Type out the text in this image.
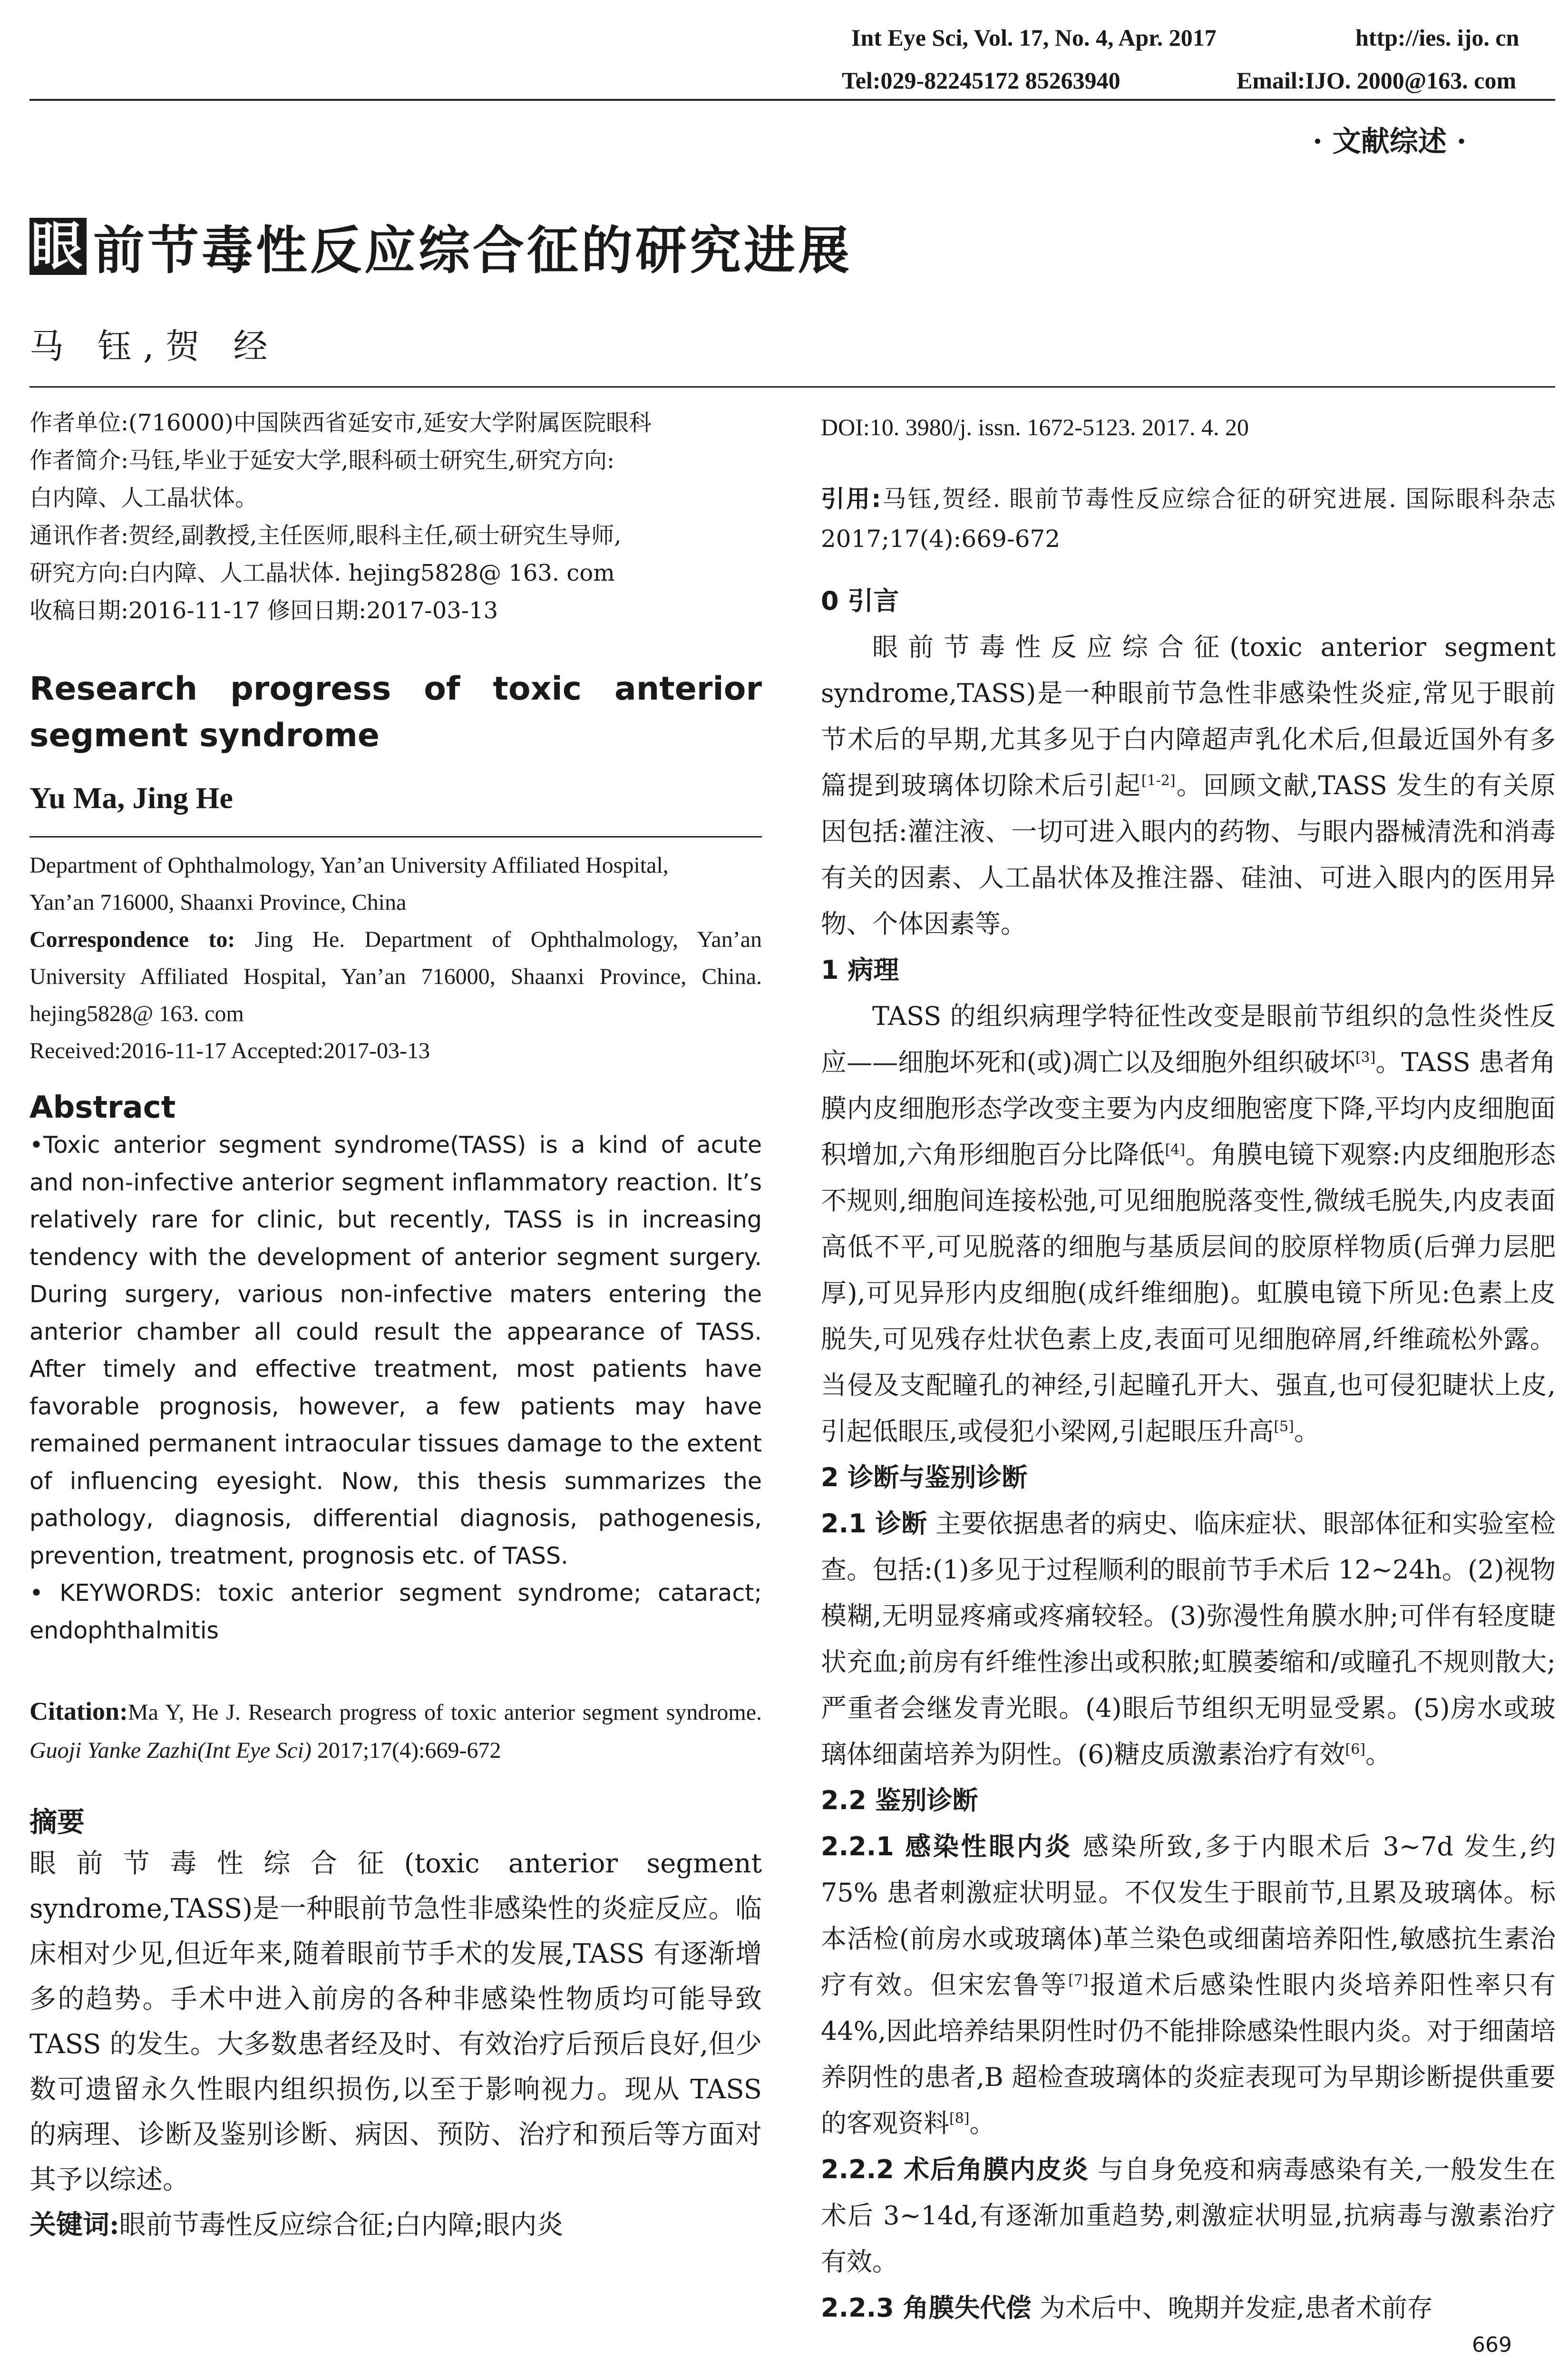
Int Eye Sci, Vol. 17, No. 4, Apr. 2017	http://ies. ijo. cn
Tel:029-82245172 85263940	Email:IJO. 2000@163. com
· 文献综述 ·
眼 前节毒性反应综合征的研究进展
马 钰,贺 经

作者单位:(716000)中国陕西省延安市,延安大学附属医院眼科

作者简介:马钰,毕业于延安大学,眼科硕士研究生,研究方向:

白内障、人工晶状体。

通讯作者:贺经,副教授,主任医师,眼科主任,硕士研究生导师,

研究方向:白内障、人工晶状体. hejing5828@ 163. com

收稿日期:2016-11-17 修回日期:2017-03-13

Research progress of toxic anterior
segment syndrome
Yu Ma, Jing He

Department of Ophthalmology, Yan’an University Affiliated Hospital,

Yan’an 716000, Shaanxi Province, China

Correspondence to: Jing He. Department of Ophthalmology, Yan’an University Affiliated Hospital, Yan’an 716000, Shaanxi Province, China. hejing5828@ 163. com

Received:2016-11-17 Accepted:2017-03-13

Abstract
•Toxic anterior segment syndrome(TASS) is a kind of acute and non-infective anterior segment inflammatory reaction. It’s relatively rare for clinic, but recently, TASS is in increasing tendency with the development of anterior segment surgery. During surgery, various non-infective maters entering the anterior chamber all could result the appearance of TASS. After timely and effective treatment, most patients have favorable prognosis, however, a few patients may have remained permanent intraocular tissues damage to the extent of influencing eyesight. Now, this thesis summarizes the pathology, diagnosis, differential diagnosis, pathogenesis, prevention, treatment, prognosis etc. of TASS.
• KEYWORDS: toxic anterior segment syndrome; cataract; endophthalmitis
Citation:Ma Y, He J. Research progress of toxic anterior segment syndrome. Guoji Yanke Zazhi(Int Eye Sci) 2017;17(4):669-672
摘要
眼前节毒性综合征(toxic anterior segment syndrome,TASS)是一种眼前节急性非感染性的炎症反应。临床相对少见,但近年来,随着眼前节手术的发展,TASS 有逐渐增多的趋势。手术中进入前房的各种非感染性物质均可能导致 TASS 的发生。大多数患者经及时、有效治疗后预后良好,但少数可遗留永久性眼内组织损伤,以至于影响视力。现从 TASS 的病理、诊断及鉴别诊断、病因、预防、治疗和预后等方面对其予以综述。
关键词:眼前节毒性反应综合征;白内障;眼内炎
DOI:10. 3980/j. issn. 1672-5123. 2017. 4. 20
引用:马钰,贺经. 眼前节毒性反应综合征的研究进展. 国际眼科杂志 2017;17(4):669-672
0 引言

眼前节毒性反应综合征(toxic anterior segment syndrome,TASS)是一种眼前节急性非感染性炎症,常见于眼前节术后的早期,尤其多见于白内障超声乳化术后,但最近国外有多篇提到玻璃体切除术后引起[1-2]。回顾文献,TASS 发生的有关原因包括:灌注液、一切可进入眼内的药物、与眼内器械清洗和消毒有关的因素、人工晶状体及推注器、硅油、可进入眼内的医用异物、个体因素等。

1 病理

TASS 的组织病理学特征性改变是眼前节组织的急性炎性反应——细胞坏死和(或)凋亡以及细胞外组织破坏[3]。TASS 患者角膜内皮细胞形态学改变主要为内皮细胞密度下降,平均内皮细胞面积增加,六角形细胞百分比降低[4]。角膜电镜下观察:内皮细胞形态不规则,细胞间连接松弛,可见细胞脱落变性,微绒毛脱失,内皮表面高低不平,可见脱落的细胞与基质层间的胶原样物质(后弹力层肥厚),可见异形内皮细胞(成纤维细胞)。虹膜电镜下所见:色素上皮脱失,可见残存灶状色素上皮,表面可见细胞碎屑,纤维疏松外露。当侵及支配瞳孔的神经,引起瞳孔开大、强直,也可侵犯睫状上皮,引起低眼压,或侵犯小梁网,引起眼压升高[5]。

2 诊断与鉴别诊断

2.1 诊断 主要依据患者的病史、临床症状、眼部体征和实验室检查。包括:(1)多见于过程顺利的眼前节手术后 12~24h。(2)视物模糊,无明显疼痛或疼痛较轻。(3)弥漫性角膜水肿;可伴有轻度睫状充血;前房有纤维性渗出或积脓;虹膜萎缩和/或瞳孔不规则散大;严重者会继发青光眼。(4)眼后节组织无明显受累。(5)房水或玻璃体细菌培养为阴性。(6)糖皮质激素治疗有效[6]。

2.2 鉴别诊断

2.2.1 感染性眼内炎 感染所致,多于内眼术后 3~7d 发生,约 75% 患者刺激症状明显。不仅发生于眼前节,且累及玻璃体。标本活检(前房水或玻璃体)革兰染色或细菌培养阳性,敏感抗生素治疗有效。但宋宏鲁等[7]报道术后感染性眼内炎培养阳性率只有 44%,因此培养结果阴性时仍不能排除感染性眼内炎。对于细菌培养阴性的患者,B 超检查玻璃体的炎症表现可为早期诊断提供重要的客观资料[8]。

2.2.2 术后角膜内皮炎 与自身免疫和病毒感染有关,一般发生在术后 3~14d,有逐渐加重趋势,刺激症状明显,抗病毒与激素治疗有效。

2.2.3 角膜失代偿 为术后中、晚期并发症,患者术前存

669
